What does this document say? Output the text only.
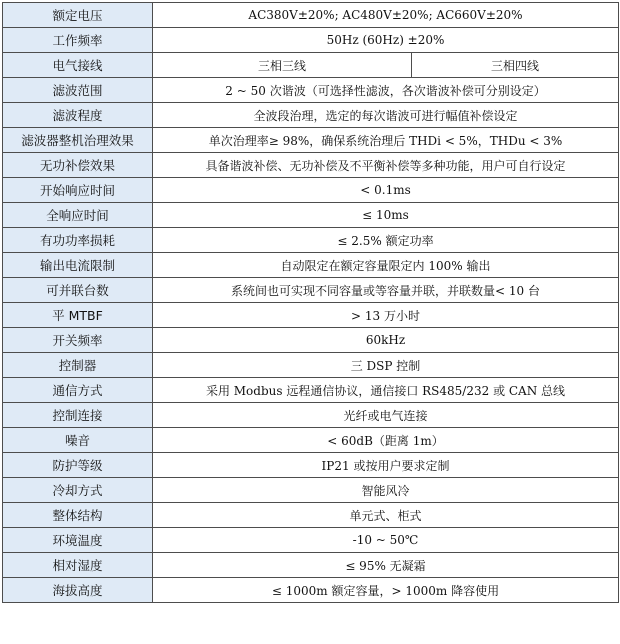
额定电压	AC380V±20%; AC480V±20%; AC660V±20%	
工作频率	50Hz (60Hz) ±20%	
电气接线	三相三线	三相四线
滤波范围	2 ~ 50 次谐波（可选择性滤波，各次谐波补偿可分别设定）	
滤波程度	全波段治理，选定的每次谐波可进行幅值补偿设定	
滤波器整机治理效果	单次治理率≥ 98%，确保系统治理后 THDi < 5%，THDu < 3%	
无功补偿效果	具备谐波补偿、无功补偿及不平衡补偿等多种功能，用户可自行设定	
开始响应时间	< 0.1ms	
全响应时间	≤ 10ms	
有功功率损耗	≤ 2.5% 额定功率	
输出电流限制	自动限定在额定容量限定内 100% 输出	
可并联台数	系统间也可实现不同容量或等容量并联，并联数量< 10 台	
平 MTBF	> 13 万小时	
开关频率	60kHz	
控制器	三 DSP 控制	
通信方式	采用 Modbus 远程通信协议，通信接口 RS485/232 或 CAN 总线	
控制连接	光纤或电气连接	
噪音	< 60dB（距离 1m）	
防护等级	IP21 或按用户要求定制	
冷却方式	智能风冷	
整体结构	单元式、柜式	
环境温度	-10 ~ 50℃	
相对湿度	≤ 95% 无凝霜	
海拔高度	≤ 1000m 额定容量，> 1000m 降容使用	
